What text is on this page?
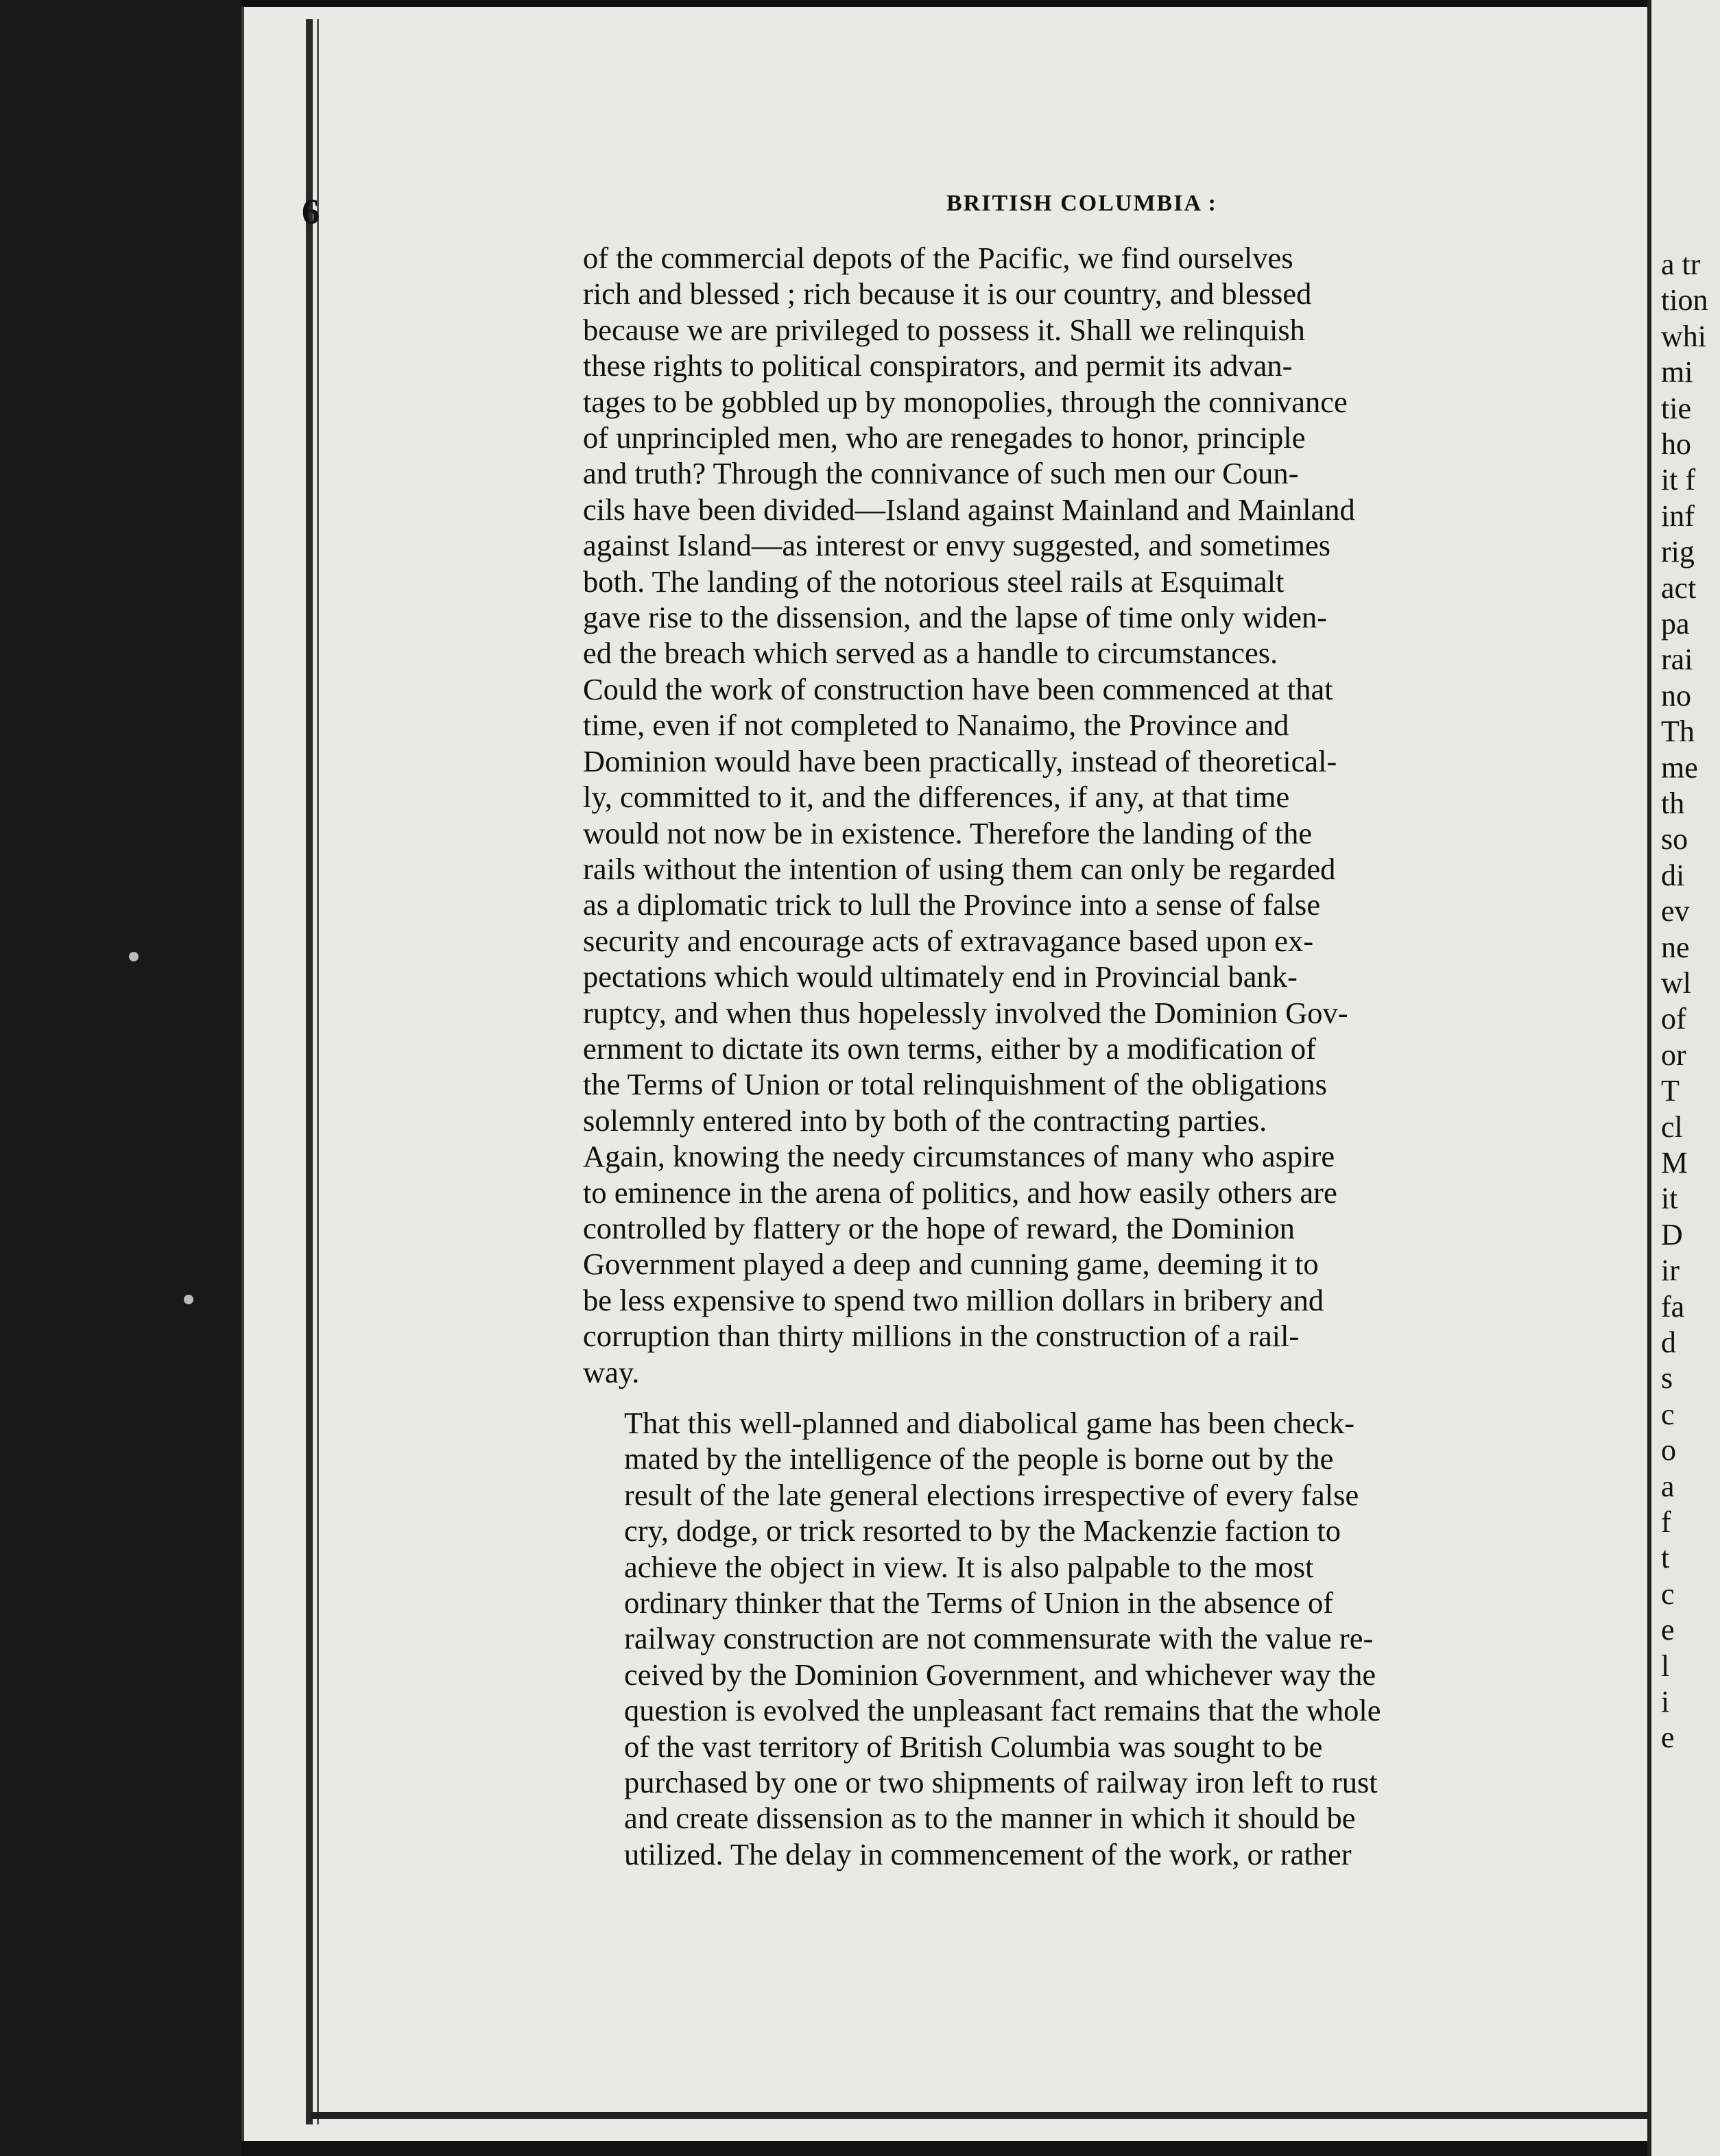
6	BRITISH COLUMBIA :

of the commercial depots of the Pacific, we find ourselves
rich and blessed ; rich because it is our country, and blessed
because we are privileged to possess it. Shall we relinquish
these rights to political conspirators, and permit its advan-
tages to be gobbled up by monopolies, through the connivance
of unprincipled men, who are renegades to honor, principle
and truth? Through the connivance of such men our Coun-
cils have been divided—Island against Mainland and Mainland
against Island—as interest or envy suggested, and sometimes
both. The landing of the notorious steel rails at Esquimalt
gave rise to the dissension, and the lapse of time only widen-
ed the breach which served as a handle to circumstances.
Could the work of construction have been commenced at that
time, even if not completed to Nanaimo, the Province and
Dominion would have been practically, instead of theoretical-
ly, committed to it, and the differences, if any, at that time
would not now be in existence. Therefore the landing of the
rails without the intention of using them can only be regarded
as a diplomatic trick to lull the Province into a sense of false
security and encourage acts of extravagance based upon ex-
pectations which would ultimately end in Provincial bank-
ruptcy, and when thus hopelessly involved the Dominion Gov-
ernment to dictate its own terms, either by a modification of
the Terms of Union or total relinquishment of the obligations
solemnly entered into by both of the contracting parties.
Again, knowing the needy circumstances of many who aspire
to eminence in the arena of politics, and how easily others are
controlled by flattery or the hope of reward, the Dominion
Government played a deep and cunning game, deeming it to
be less expensive to spend two million dollars in bribery and
corruption than thirty millions in the construction of a rail-
way.

That this well-planned and diabolical game has been check-
mated by the intelligence of the people is borne out by the
result of the late general elections irrespective of every false
cry, dodge, or trick resorted to by the Mackenzie faction to
achieve the object in view. It is also palpable to the most
ordinary thinker that the Terms of Union in the absence of
railway construction are not commensurate with the value re-
ceived by the Dominion Government, and whichever way the
question is evolved the unpleasant fact remains that the whole
of the vast territory of British Columbia was sought to be
purchased by one or two shipments of railway iron left to rust
and create dissension as to the manner in which it should be
utilized. The delay in commencement of the work, or rather

a tr
tion
whi
mi
tie
ho
it f
inf
rig
act
pa
rai
no
Th
me
th
so
di
ev
ne
wl
of
or
T
cl
M
it
D
ir
fa
d
s
c
o
a
f
t
c
e
l
i
e
